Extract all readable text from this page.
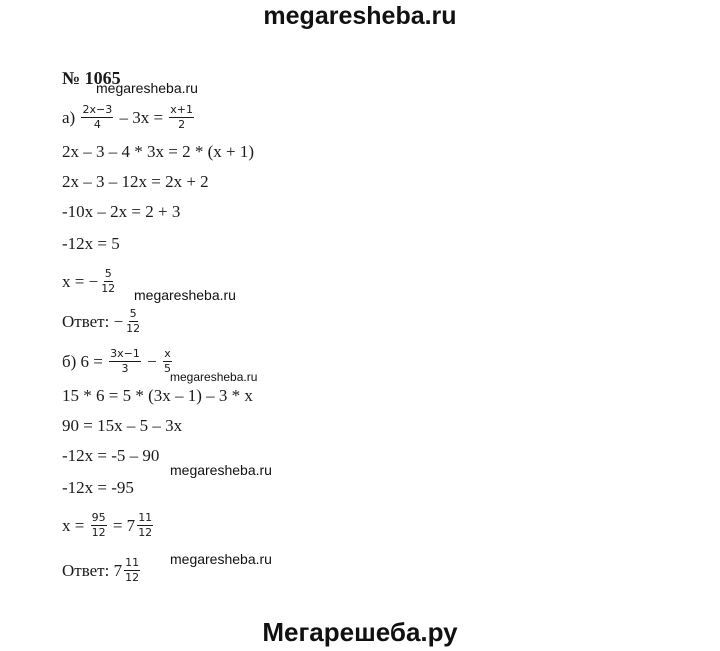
megaresheba.ru
№ 1065
а)
$\frac{2x-3}{4} - 3x = \frac{x+1}{2}$
2x – 3 – 4 * 3x = 2 * (x + 1)
2x – 3 – 12x = 2x + 2
-10x – 2x = 2 + 3
-12x = 5
x = − $\frac{5}{12}$
Ответ: − $\frac{5}{12}$
б) $6 = \frac{3x-1}{3} - \frac{x}{5}$
15 * 6 = 5 * (3x – 1) – 3 * x
90 = 15x – 5 – 3x
-12x = -5 – 90
-12x = -95
$x = \frac{95}{12} = 7 \frac{11}{12}$
Ответ: $7 \frac{11}{12}$
megaresheba.ru
megaresheba.ru
megaresheba.ru
megaresheba.ru
megaresheba.ru
Мегарешеба.ру
